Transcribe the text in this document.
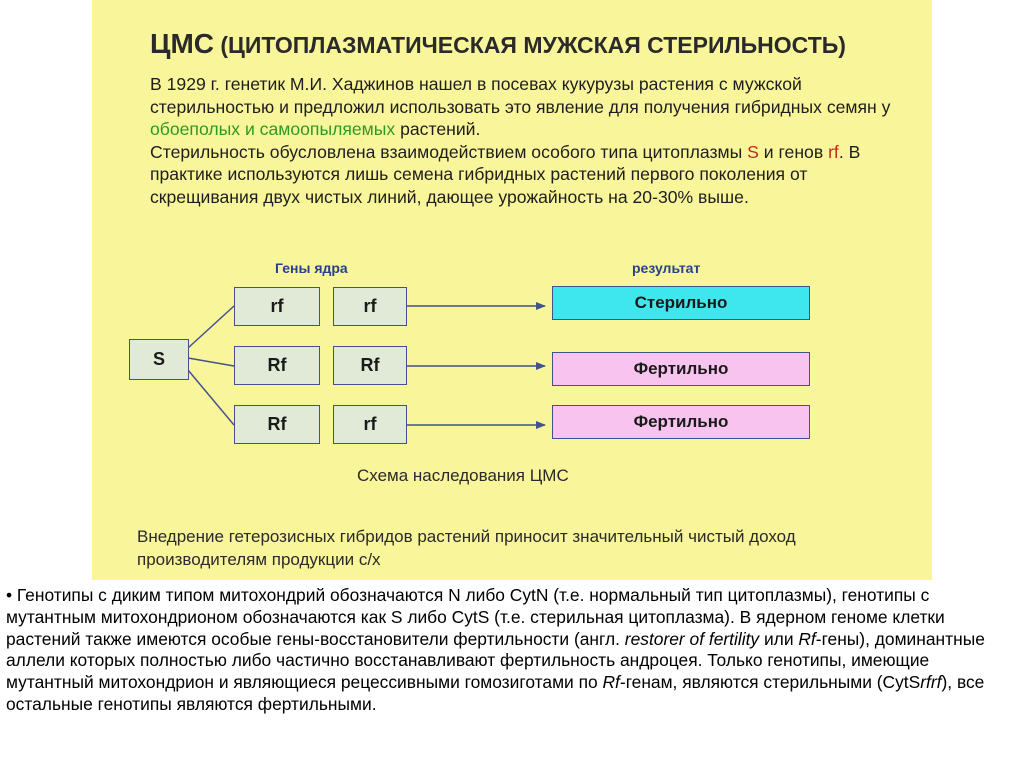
ЦМС (ЦИТОПЛАЗМАТИЧЕСКАЯ МУЖСКАЯ СТЕРИЛЬНОСТЬ)
В 1929 г. генетик М.И. Хаджинов нашел в посевах кукурузы растения с мужской стерильностью и предложил использовать это явление для получения гибридных семян у обоеполых и самоопыляемых растений.
Стерильность обусловлена взаимодействием особого типа цитоплазмы S и генов rf. В практике используются лишь семена гибридных растений первого поколения от скрещивания двух чистых линий, дающее урожайность на 20-30% выше.
Гены ядра	результат
S
rf	rf	Стерильно
Rf	Rf	Фертильно
Rf	rf	Фертильно
Схема наследования ЦМС
Внедрение гетерозисных гибридов растений приносит значительный чистый доход производителям продукции с/х
• Генотипы с диким типом митохондрий обозначаются N либо CytN (т.е. нормальный тип цитоплазмы), генотипы с мутантным митохондрионом обозначаются как S либо CytS (т.е. стерильная цитоплазма). В ядерном геноме клетки растений также имеются особые гены-восстановители фертильности (англ. restorer of fertility или Rf-гены), доминантные аллели которых полностью либо частично восстанавливают фертильность андроцея. Только генотипы, имеющие мутантный митохондрион и являющиеся рецессивными гомозиготами по Rf-генам, являются стерильными (CytSrfrf), все остальные генотипы являются фертильными.
